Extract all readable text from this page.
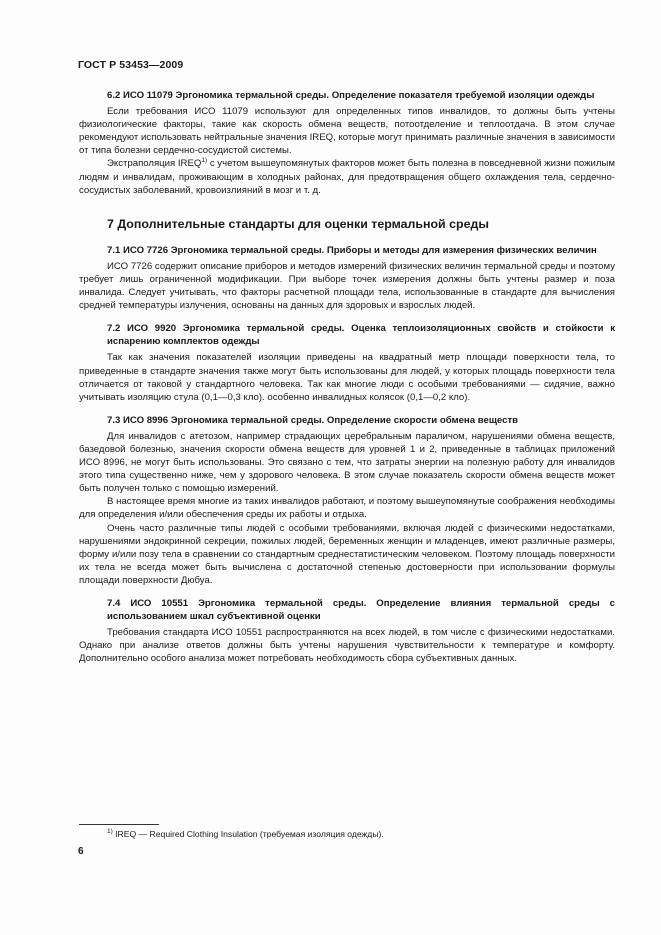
ГОСТ Р 53453—2009
6.2 ИСО 11079 Эргономика термальной среды. Определение показателя требуемой изоляции одежды

Если требования ИСО 11079 используют для определенных типов инвалидов, то должны быть учтены физиологические факторы, такие как скорость обмена веществ, потоотделение и теплоотдача. В этом случае рекомендуют использовать нейтральные значения IREQ, которые могут принимать различные значения в зависимости от типа болезни сердечно-сосудистой системы.

Экстраполяция IREQ$^{1)}$ с учетом вышеупомянутых факторов может быть полезна в повседневной жизни пожилым людям и инвалидам, проживающим в холодных районах, для предотвращения общего охлаждения тела, сердечно-сосудистых заболеваний, кровоизлияний в мозг и т. д.

7 Дополнительные стандарты для оценки термальной среды
7.1 ИСО 7726 Эргономика термальной среды. Приборы и методы для измерения физических величин

ИСО 7726 содержит описание приборов и методов измерений физических величин термальной среды и поэтому требует лишь ограниченной модификации. При выборе точек измерения должны быть учтены размер и поза инвалида. Следует учитывать, что факторы расчетной площади тела, использованные в стандарте для вычисления средней температуры излучения, основаны на данных для здоровых и взрослых людей.

7.2 ИСО 9920 Эргономика термальной среды. Оценка теплоизоляционных свойств и стойкости к испарению комплектов одежды

Так как значения показателей изоляции приведены на квадратный метр площади поверхности тела, то приведенные в стандарте значения также могут быть использованы для людей, у которых площадь поверхности тела отличается от таковой у стандартного человека. Так как многие люди с особыми требованиями — сидячие, важно учитывать изоляцию стула (0,1—0,3 кло). особенно инвалидных колясок (0,1—0,2 кло).

7.3 ИСО 8996 Эргономика термальной среды. Определение скорости обмена веществ

Для инвалидов с атетозом, например страдающих церебральным параличом, нарушениями обмена веществ, базедовой болезнью, значения скорости обмена веществ для уровней 1 и 2, приведенные в таблицах приложений ИСО 8996, не могут быть использованы. Это связано с тем, что затраты энергии на полезную работу для инвалидов этого типа существенно ниже, чем у здорового человека. В этом случае показатель скорости обмена веществ может быть получен только с помощью измерений.

В настоящее время многие из таких инвалидов работают, и поэтому вышеупомянутые соображения необходимы для определения и/или обеспечения среды их работы и отдыха.

Очень часто различные типы людей с особыми требованиями, включая людей с физическими недостатками, нарушениями эндокринной секреции, пожилых людей, беременных женщин и младенцев, имеют различные размеры, форму и/или позу тела в сравнении со стандартным среднестатистическим человеком. Поэтому площадь поверхности их тела не всегда может быть вычислена с достаточной степенью достоверности при использовании формулы площади поверхности Дюбуа.

7.4 ИСО 10551 Эргономика термальной среды. Определение влияния термальной среды с использованием шкал субъективной оценки

Требования стандарта ИСО 10551 распространяются на всех людей, в том числе с физическими недостатками. Однако при анализе ответов должны быть учтены нарушения чувствительности к температуре и комфорту. Дополнительно особого анализа может потребовать необходимость сбора субъективных данных.

$^{1)}$ IREQ — Required Clothing Insulation (требуемая изоляция одежды).
6
